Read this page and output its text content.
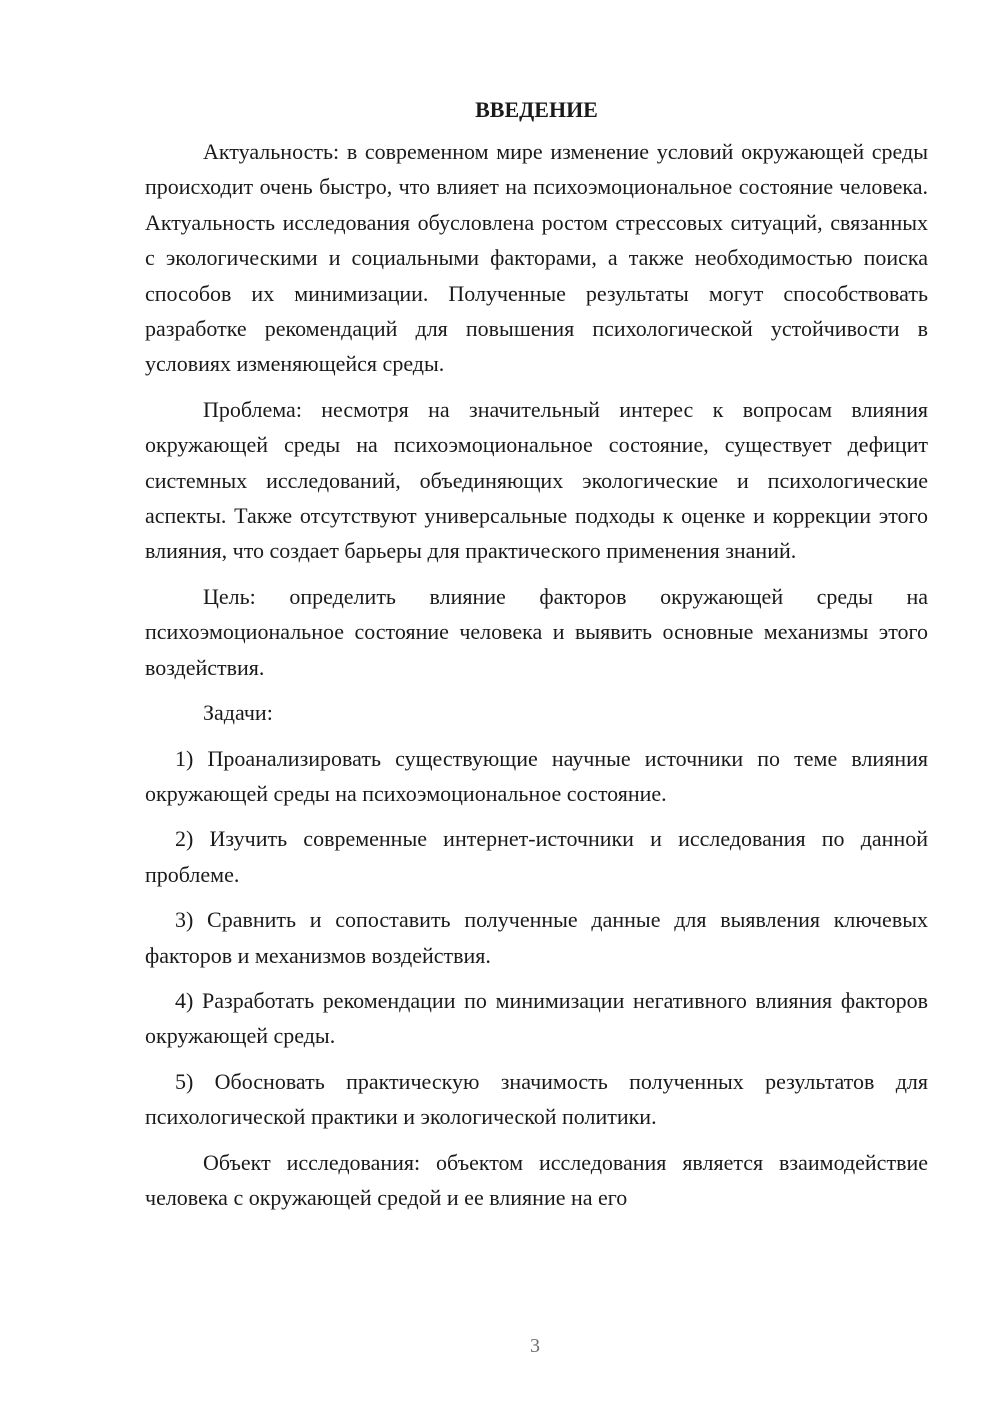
ВВЕДЕНИЕ

Актуальность: в современном мире изменение условий окружающей среды происходит очень быстро, что влияет на психоэмоциональное состояние человека. Актуальность исследования обусловлена ростом стрессовых ситуаций, связанных с экологическими и социальными факторами, а также необходимостью поиска способов их минимизации. Полученные результаты могут способствовать разработке рекомендаций для повышения психологической устойчивости в условиях изменяющейся среды.

Проблема: несмотря на значительный интерес к вопросам влияния окружающей среды на психоэмоциональное состояние, существует дефицит системных исследований, объединяющих экологические и психологические аспекты. Также отсутствуют универсальные подходы к оценке и коррекции этого влияния, что создает барьеры для практического применения знаний.

Цель: определить влияние факторов окружающей среды на психоэмоциональное состояние человека и выявить основные механизмы этого воздействия.

Задачи:

1) Проанализировать существующие научные источники по теме влияния окружающей среды на психоэмоциональное состояние.

2) Изучить современные интернет-источники и исследования по данной проблеме.

3) Сравнить и сопоставить полученные данные для выявления ключевых факторов и механизмов воздействия.

4) Разработать рекомендации по минимизации негативного влияния факторов окружающей среды.

5) Обосновать практическую значимость полученных результатов для психологической практики и экологической политики.

Объект исследования: объектом исследования является взаимодействие человека с окружающей средой и ее влияние на его

3
